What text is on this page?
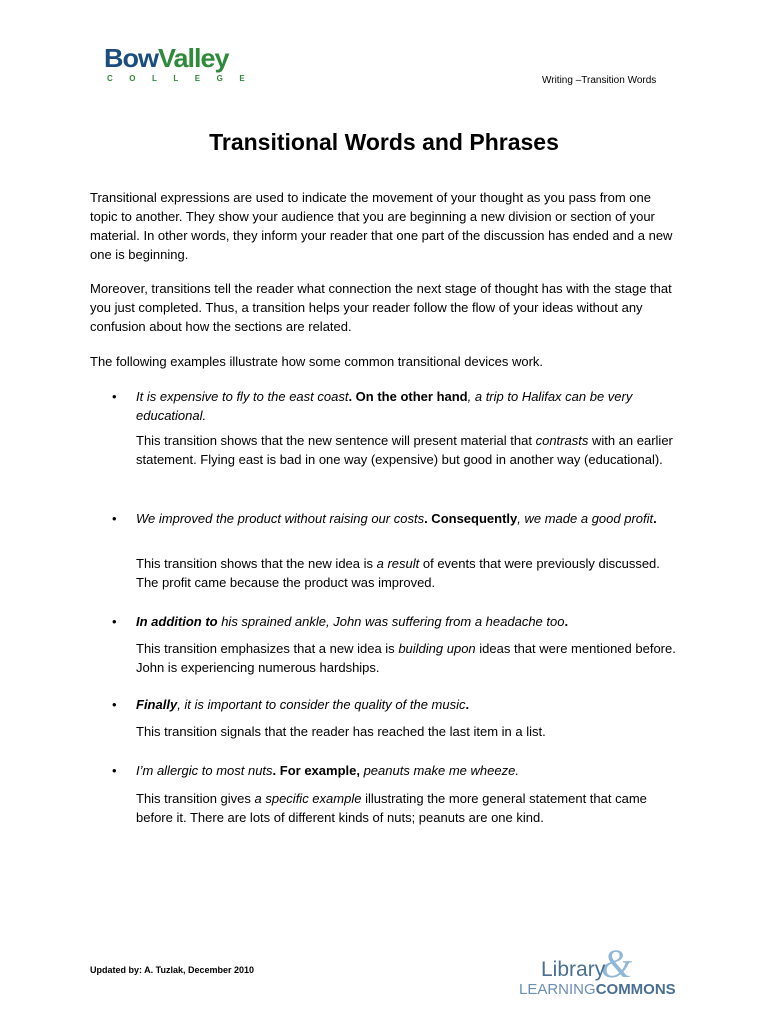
BowValley
COLLEGE	Writing –Transition Words
Transitional Words and Phrases

Transitional expressions are used to indicate the movement of your thought as you pass from one topic to another. They show your audience that you are beginning a new division or section of your material. In other words, they inform your reader that one part of the discussion has ended and a new one is beginning.

Moreover, transitions tell the reader what connection the next stage of thought has with the stage that you just completed. Thus, a transition helps your reader follow the flow of your ideas without any confusion about how the sections are related.

The following examples illustrate how some common transitional devices work.

• It is expensive to fly to the east coast. On the other hand, a trip to Halifax can be very educational.
This transition shows that the new sentence will present material that contrasts with an earlier statement. Flying east is bad in one way (expensive) but good in another way (educational).
• We improved the product without raising our costs. Consequently, we made a good profit.
This transition shows that the new idea is a result of events that were previously discussed. The profit came because the product was improved.
• In addition to his sprained ankle, John was suffering from a headache too.
This transition emphasizes that a new idea is building upon ideas that were mentioned before. John is experiencing numerous hardships.
• Finally, it is important to consider the quality of the music.
This transition signals that the reader has reached the last item in a list.
• I’m allergic to most nuts. For example, peanuts make me wheeze.
This transition gives a specific example illustrating the more general statement that came before it. There are lots of different kinds of nuts; peanuts are one kind.
Updated by: A. Tuzlak, December 2010	&
Library
LEARNINGCOMMONS
